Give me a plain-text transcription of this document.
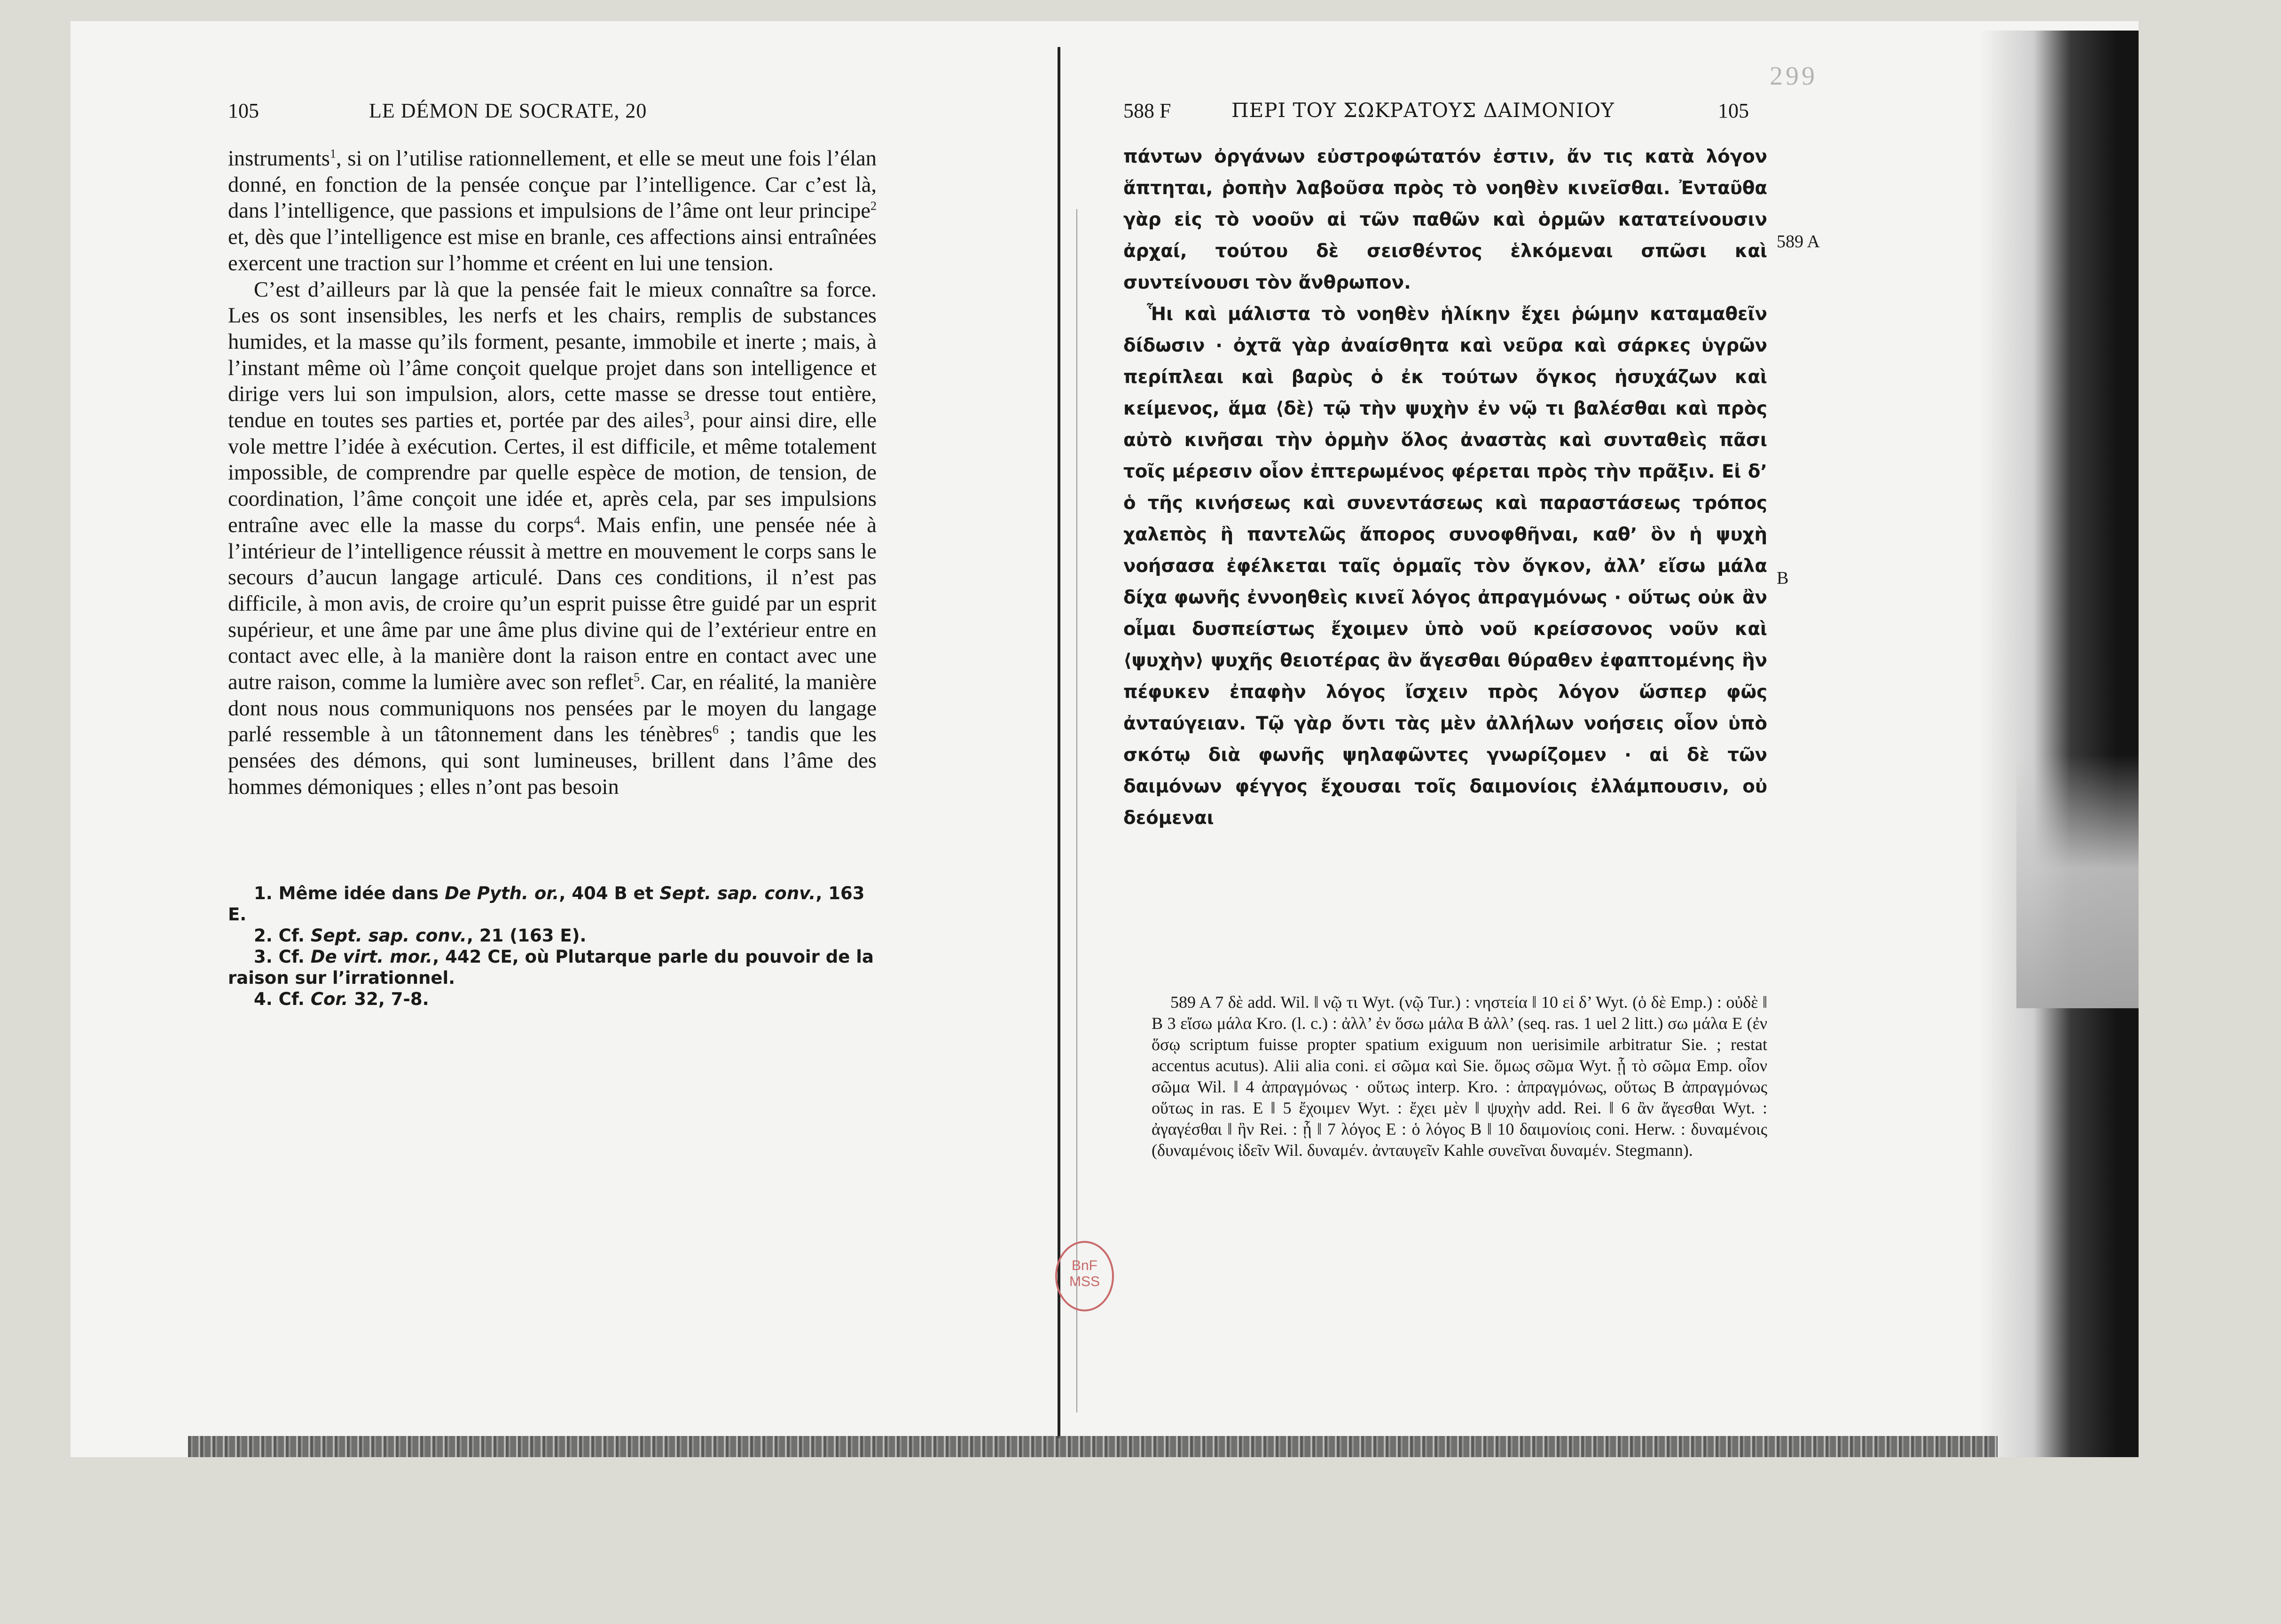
105	LE DÉMON DE SOCRATE, 20

instruments$^1$, si on l’utilise rationnellement, et elle se meut une fois l’élan donné, en fonction de la pensée conçue par l’intelligence. Car c’est là, dans l’intelligence, que passions et impulsions de l’âme ont leur principe$^2$ et, dès que l’intelligence est mise en branle, ces affections ainsi entraînées exercent une traction sur l’homme et créent en lui une tension.

C’est d’ailleurs par là que la pensée fait le mieux connaître sa force. Les os sont insensibles, les nerfs et les chairs, remplis de substances humides, et la masse qu’ils forment, pesante, immobile et inerte ; mais, à l’instant même où l’âme conçoit quelque projet dans son intelligence et dirige vers lui son impulsion, alors, cette masse se dresse tout entière, tendue en toutes ses parties et, portée par des ailes$^3$, pour ainsi dire, elle vole mettre l’idée à exécution. Certes, il est difficile, et même totalement impossible, de comprendre par quelle espèce de motion, de tension, de coordination, l’âme conçoit une idée et, après cela, par ses impulsions entraîne avec elle la masse du corps$^4$. Mais enfin, une pensée née à l’intérieur de l’intelligence réussit à mettre en mouvement le corps sans le secours d’aucun langage articulé. Dans ces conditions, il n’est pas difficile, à mon avis, de croire qu’un esprit puisse être guidé par un esprit supérieur, et une âme par une âme plus divine qui de l’extérieur entre en contact avec elle, à la manière dont la raison entre en contact avec une autre raison, comme la lumière avec son reflet$^5$. Car, en réalité, la manière dont nous nous communiquons nos pensées par le moyen du langage parlé ressemble à un tâtonnement dans les ténèbres$^6$ ; tandis que les pensées des démons, qui sont lumineuses, brillent dans l’âme des hommes démoniques ; elles n’ont pas besoin

1. Même idée dans De Pyth. or., 404 B et Sept. sap. conv., 163 E.

2. Cf. Sept. sap. conv., 21 (163 E).

3. Cf. De virt. mor., 442 CE, où Plutarque parle du pouvoir de la raison sur l’irrationnel.

4. Cf. Cor. 32, 7-8.

588 F	ΠΕΡΙ ΤΟΥ ΣΩΚΡΑΤΟΥΣ ΔΑΙΜΟΝΙΟΥ	105

πάντων ὀργάνων εὐστροφώτατόν ἐστιν, ἄν τις κατὰ λόγον ἅπτηται, ῥοπὴν λαβοῦσα πρὸς τὸ νοηθὲν κινεῖσθαι. Ἐνταῦθα γὰρ εἰς τὸ νοοῦν αἱ τῶν παθῶν καὶ ὁρμῶν κατατείνουσιν ἀρχαί, τούτου δὲ σεισθέντος ἑλκόμεναι σπῶσι καὶ συντείνουσι τὸν ἄνθρωπον.

Ἧι καὶ μάλιστα τὸ νοηθὲν ἡλίκην ἔχει ῥώμην καταμαθεῖν δίδωσιν · ὀχτᾶ γὰρ ἀναίσθητα καὶ νεῦρα καὶ σάρκες ὑγρῶν περίπλεαι καὶ βαρὺς ὁ ἐκ τούτων ὄγκος ἡσυχάζων καὶ κείμενος, ἅμα ⟨δὲ⟩ τῷ τὴν ψυχὴν ἐν νῷ τι βαλέσθαι καὶ πρὸς αὐτὸ κινῆσαι τὴν ὁρμὴν ὅλος ἀναστὰς καὶ συνταθεὶς πᾶσι τοῖς μέρεσιν οἷον ἐπτερωμένος φέρεται πρὸς τὴν πρᾶξιν. Εἰ δ’ ὁ τῆς κινήσεως καὶ συνεντάσεως καὶ παραστάσεως τρόπος χαλεπὸς ἢ παντελῶς ἄπορος συνοφθῆναι, καθ’ ὃν ἡ ψυχὴ νοήσασα ἐφέλκεται ταῖς ὁρμαῖς τὸν ὄγκον, ἀλλ’ εἴσω μάλα δίχα φωνῆς ἐννοηθεὶς κινεῖ λόγος ἀπραγμόνως · οὕτως οὐκ ἂν οἶμαι δυσπείστως ἔχοιμεν ὑπὸ νοῦ κρείσσονος νοῦν καὶ ⟨ψυχὴν⟩ ψυχῆς θειοτέρας ἂν ἄγεσθαι θύραθεν ἐφαπτομένης ἣν πέφυκεν ἐπαφὴν λόγος ἴσχειν πρὸς λόγον ὥσπερ φῶς ἀνταύγειαν. Τῷ γὰρ ὄντι τὰς μὲν ἀλλήλων νοήσεις οἷον ὑπὸ σκότῳ διὰ φωνῆς ψηλαφῶντες γνωρίζομεν · αἱ δὲ τῶν δαιμόνων φέγγος ἔχουσαι τοῖς δαιμονίοις ἐλλάμπουσιν, οὐ δεόμεναι

589 A 7 δὲ add. Wil. ‖ νῷ τι Wyt. (νῷ Tur.) : νηστεία ‖ 10 εἰ δ’ Wyt. (ὁ δὲ Emp.) : οὐδὲ ‖ B 3 εἴσω μάλα Kro. (l. c.) : ἀλλ’ ἐν ὅσω μάλα B ἀλλ’ (seq. ras. 1 uel 2 litt.) σω μάλα E (ἐν ὅσῳ scriptum fuisse propter spatium exiguum non uerisimile arbitratur Sie. ; restat accentus acutus). Alii alia coni. εἰ σῶμα καὶ Sie. ὅμως σῶμα Wyt. ᾗ τὸ σῶμα Emp. οἷον σῶμα Wil. ‖ 4 ἀπραγμόνως · οὕτως interp. Kro. : ἀπραγμόνως, οὕτως B ἀπραγμόνως οὕτως in ras. E ‖ 5 ἔχοιμεν Wyt. : ἔχει μὲν ‖ ψυχὴν add. Rei. ‖ 6 ἂν ἄγεσθαι Wyt. : ἀγαγέσθαι ‖ ἣν Rei. : ᾗ ‖ 7 λόγος E : ὁ λόγος B ‖ 10 δαιμονίοις coni. Herw. : δυναμένοις (δυναμένοις ἰδεῖν Wil. δυναμέν. ἀνταυγεῖν Kahle συνεῖναι δυναμέν. Stegmann).

589 A
B
299
BnF
MSS
